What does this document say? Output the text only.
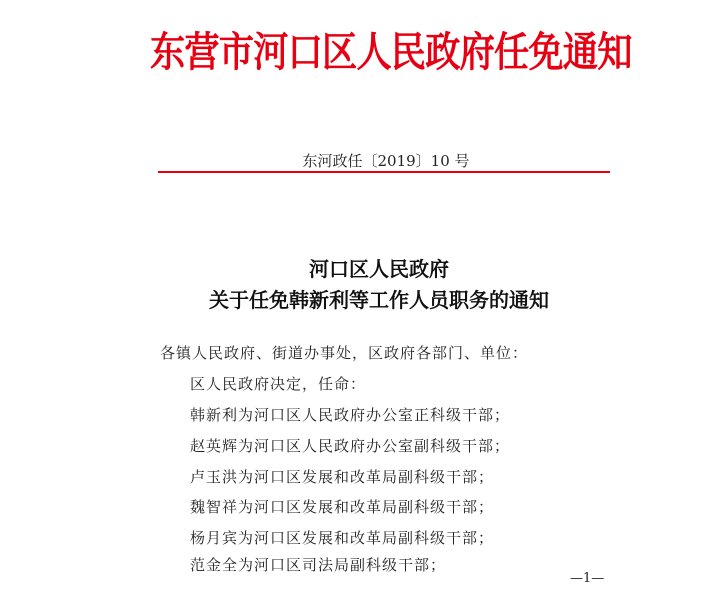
东营市河口区人民政府任免通知
东河政任〔2019〕10 号
河口区人民政府
关于任免韩新利等工作人员职务的通知
各镇人民政府、街道办事处，区政府各部门、单位：
区人民政府决定，任命：
韩新利为河口区人民政府办公室正科级干部；
赵英辉为河口区人民政府办公室副科级干部；
卢玉洪为河口区发展和改革局副科级干部；
魏智祥为河口区发展和改革局副科级干部；
杨月宾为河口区发展和改革局副科级干部；
范金全为河口区司法局副科级干部；
—1—
